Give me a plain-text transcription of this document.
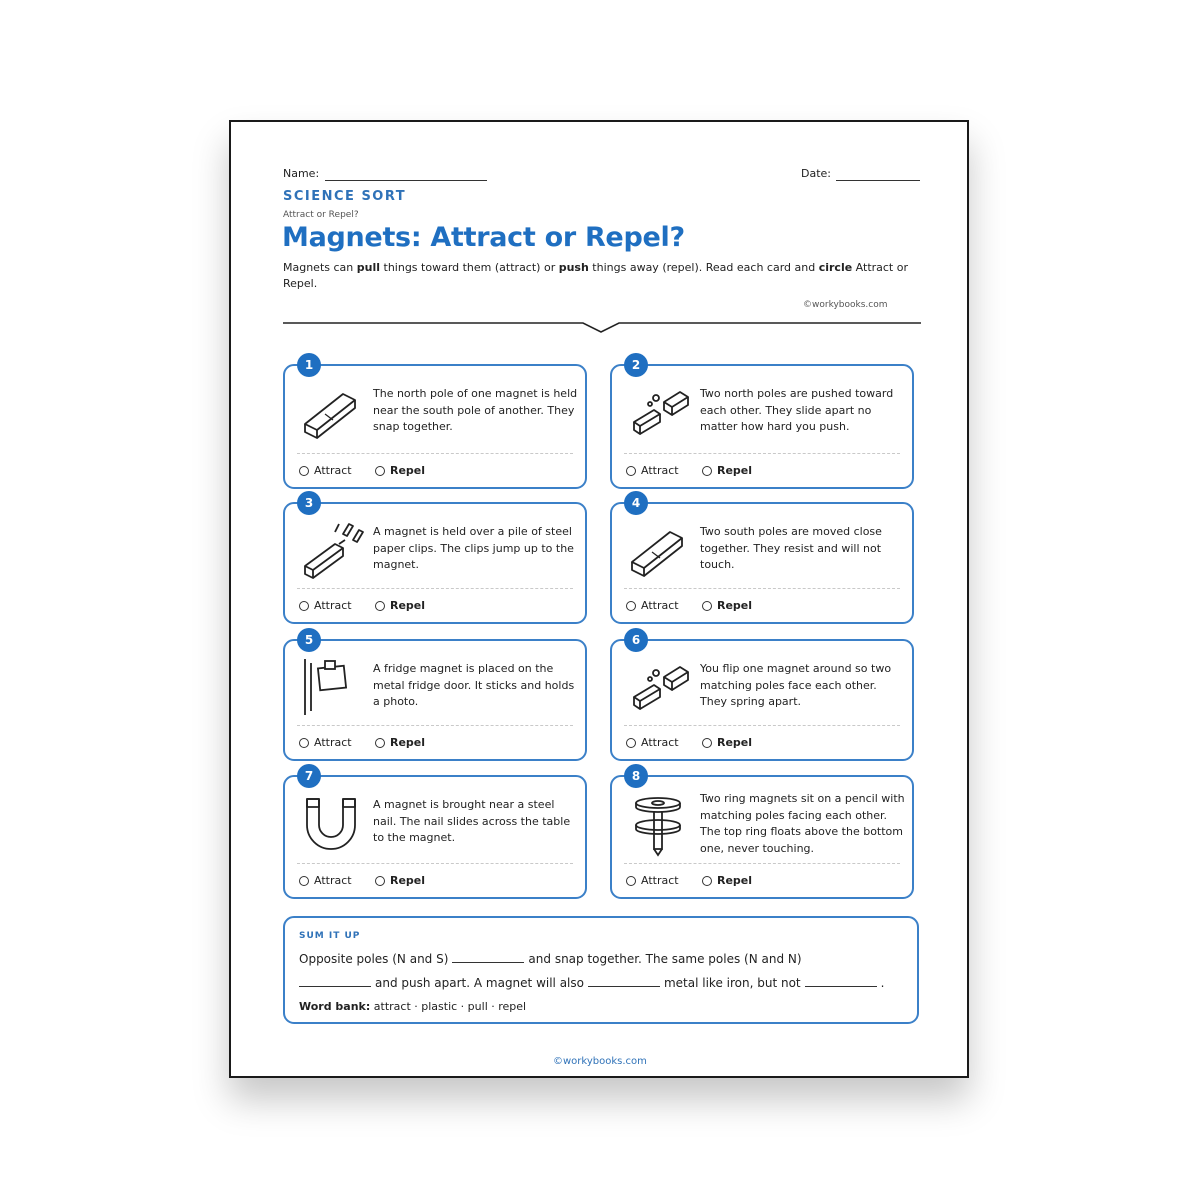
Name:	Date:
SCIENCE SORT
Attract or Repel?
Magnets: Attract or Repel?
Magnets can pull things toward them (attract) or push things away (repel). Read each card and circle Attract or Repel.
©workybooks.com
1
The north pole of one magnet is held near the south pole of another. They snap together.
Attract	Repel
2
Two north poles are pushed toward each other. They slide apart no matter how hard you push.
Attract	Repel
3
A magnet is held over a pile of steel paper clips. The clips jump up to the magnet.
Attract	Repel
4
Two south poles are moved close together. They resist and will not touch.
Attract	Repel
5
A fridge magnet is placed on the metal fridge door. It sticks and holds a photo.
Attract	Repel
6
You flip one magnet around so two matching poles face each other. They spring apart.
Attract	Repel
7
A magnet is brought near a steel nail. The nail slides across the table to the magnet.
Attract	Repel
8
Two ring magnets sit on a pencil with matching poles facing each other. The top ring floats above the bottom one, never touching.
Attract	Repel
SUM IT UP
Opposite poles (N and S)	and snap together. The same poles (N and N)
and push apart. A magnet will also	metal like iron, but not	.
Word bank: attract · plastic · pull · repel
©workybooks.com
